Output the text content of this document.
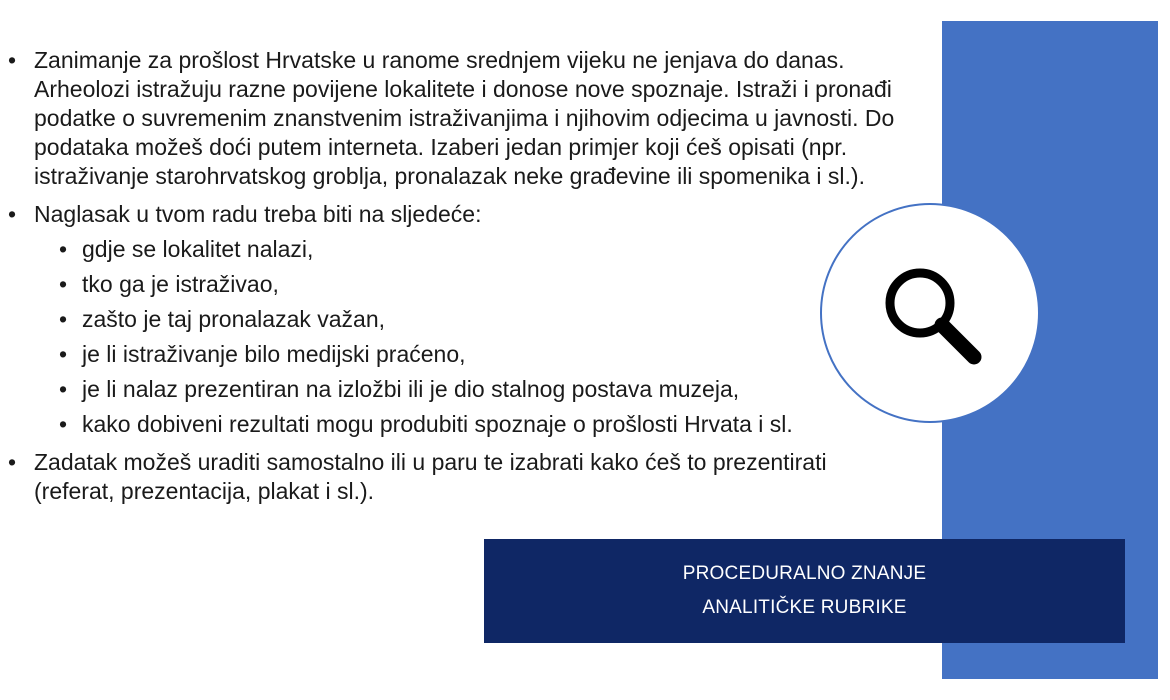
• Zanimanje za prošlost Hrvatske u ranome srednjem vijeku ne jenjava do danas. Arheolozi istražuju razne povijene lokalitete i donose nove spoznaje. Istraži i pronađi podatke o suvremenim znanstvenim istraživanjima i njihovim odjecima u javnosti. Do podataka možeš doći putem interneta. Izaberi jedan primjer koji ćeš opisati (npr. istraživanje starohrvatskog groblja, pronalazak neke građevine ili spomenika i sl.).
• Naglasak u tvom radu treba biti na sljedeće:
• gdje se lokalitet nalazi,
• tko ga je istraživao,
• zašto je taj pronalazak važan,
• je li istraživanje bilo medijski praćeno,
• je li nalaz prezentiran na izložbi ili je dio stalnog postava muzeja,
• kako dobiveni rezultati mogu produbiti spoznaje o prošlosti Hrvata i sl.
• Zadatak možeš uraditi samostalno ili u paru te izabrati kako ćeš to prezentirati (referat, prezentacija, plakat i sl.).
PROCEDURALNO ZNANJE
ANALITIČKE RUBRIKE
